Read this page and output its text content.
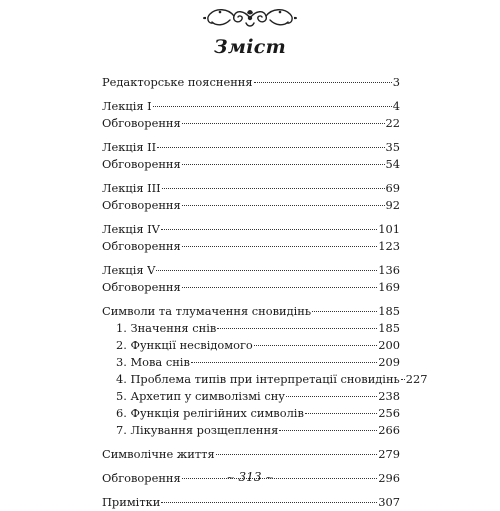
Зміст
Редакторське пояснення	3
Лекція I	4
Обговорення	22
Лекція II	35
Обговорення	54
Лекція III	69
Обговорення	92
Лекція IV	101
Обговорення	123
Лекція V	136
Обговорення	169
Символи та тлумачення сновидінь	185
1. Значення снів	185
2. Функції несвідомого	200
3. Мова снів	209
4. Проблема типів при інтерпретації сновидінь 227
5. Архетип у символізмі сну	238
6. Функція релігійних символів	256
7. Лікування розщеплення	266
Символічне життя	279
Обговорення	296
Примітки	307
~ 313 ~
